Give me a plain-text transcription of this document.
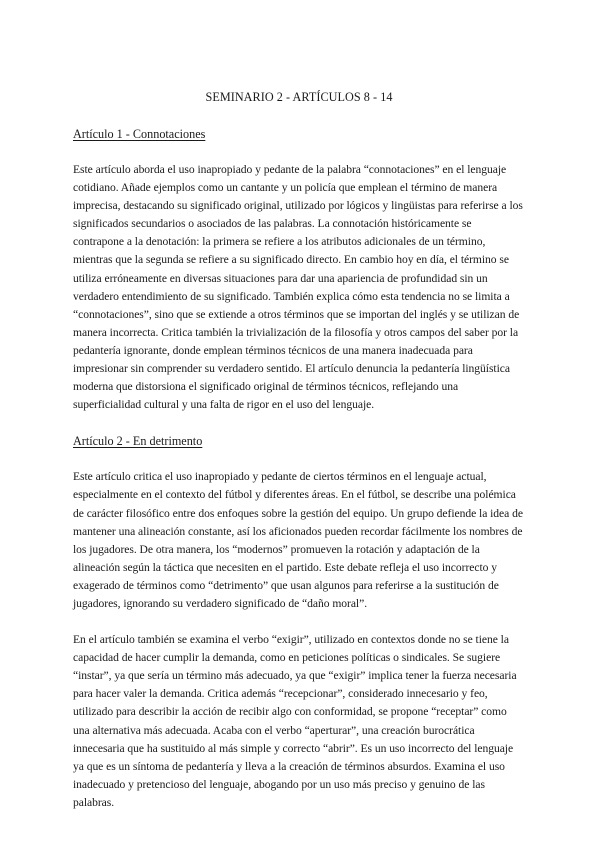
SEMINARIO 2 - ARTÍCULOS 8 - 14
Artículo 1 - Connotaciones

Este artículo aborda el uso inapropiado y pedante de la palabra “connotaciones” en el lenguaje cotidiano. Añade ejemplos como un cantante y un policía que emplean el término de manera imprecisa, destacando su significado original, utilizado por lógicos y lingüistas para referirse a los significados secundarios o asociados de las palabras. La connotación históricamente se contrapone a la denotación: la primera se refiere a los atributos adicionales de un término, mientras que la segunda se refiere a su significado directo. En cambio hoy en día, el término se utiliza erróneamente en diversas situaciones para dar una apariencia de profundidad sin un verdadero entendimiento de su significado. También explica cómo esta tendencia no se limita a “connotaciones”, sino que se extiende a otros términos que se importan del inglés y se utilizan de manera incorrecta. Critica también la trivialización de la filosofía y otros campos del saber por la pedantería ignorante, donde emplean términos técnicos de una manera inadecuada para impresionar sin comprender su verdadero sentido. El artículo denuncia la pedantería lingüística moderna que distorsiona el significado original de términos técnicos, reflejando una superficialidad cultural y una falta de rigor en el uso del lenguaje.

Artículo 2 - En detrimento

Este artículo critica el uso inapropiado y pedante de ciertos términos en el lenguaje actual, especialmente en el contexto del fútbol y diferentes áreas. En el fútbol, se describe una polémica de carácter filosófico entre dos enfoques sobre la gestión del equipo. Un grupo defiende la idea de mantener una alineación constante, así los aficionados pueden recordar fácilmente los nombres de los jugadores. De otra manera, los “modernos” promueven la rotación y adaptación de la alineación según la táctica que necesiten en el partido. Este debate refleja el uso incorrecto y exagerado de términos como “detrimento” que usan algunos para referirse a la sustitución de jugadores, ignorando su verdadero significado de “daño moral”.

En el artículo también se examina el verbo “exigir”, utilizado en contextos donde no se tiene la capacidad de hacer cumplir la demanda, como en peticiones políticas o sindicales. Se sugiere “instar”, ya que sería un término más adecuado, ya que “exigir” implica tener la fuerza necesaria para hacer valer la demanda. Critica además “recepcionar”, considerado innecesario y feo, utilizado para describir la acción de recibir algo con conformidad, se propone “receptar” como una alternativa más adecuada. Acaba con el verbo “aperturar”, una creación burocrática innecesaria que ha sustituido al más simple y correcto “abrir”. Es un uso incorrecto del lenguaje ya que es un síntoma de pedantería y lleva a la creación de términos absurdos. Examina el uso inadecuado y pretencioso del lenguaje, abogando por un uso más preciso y genuino de las palabras.
